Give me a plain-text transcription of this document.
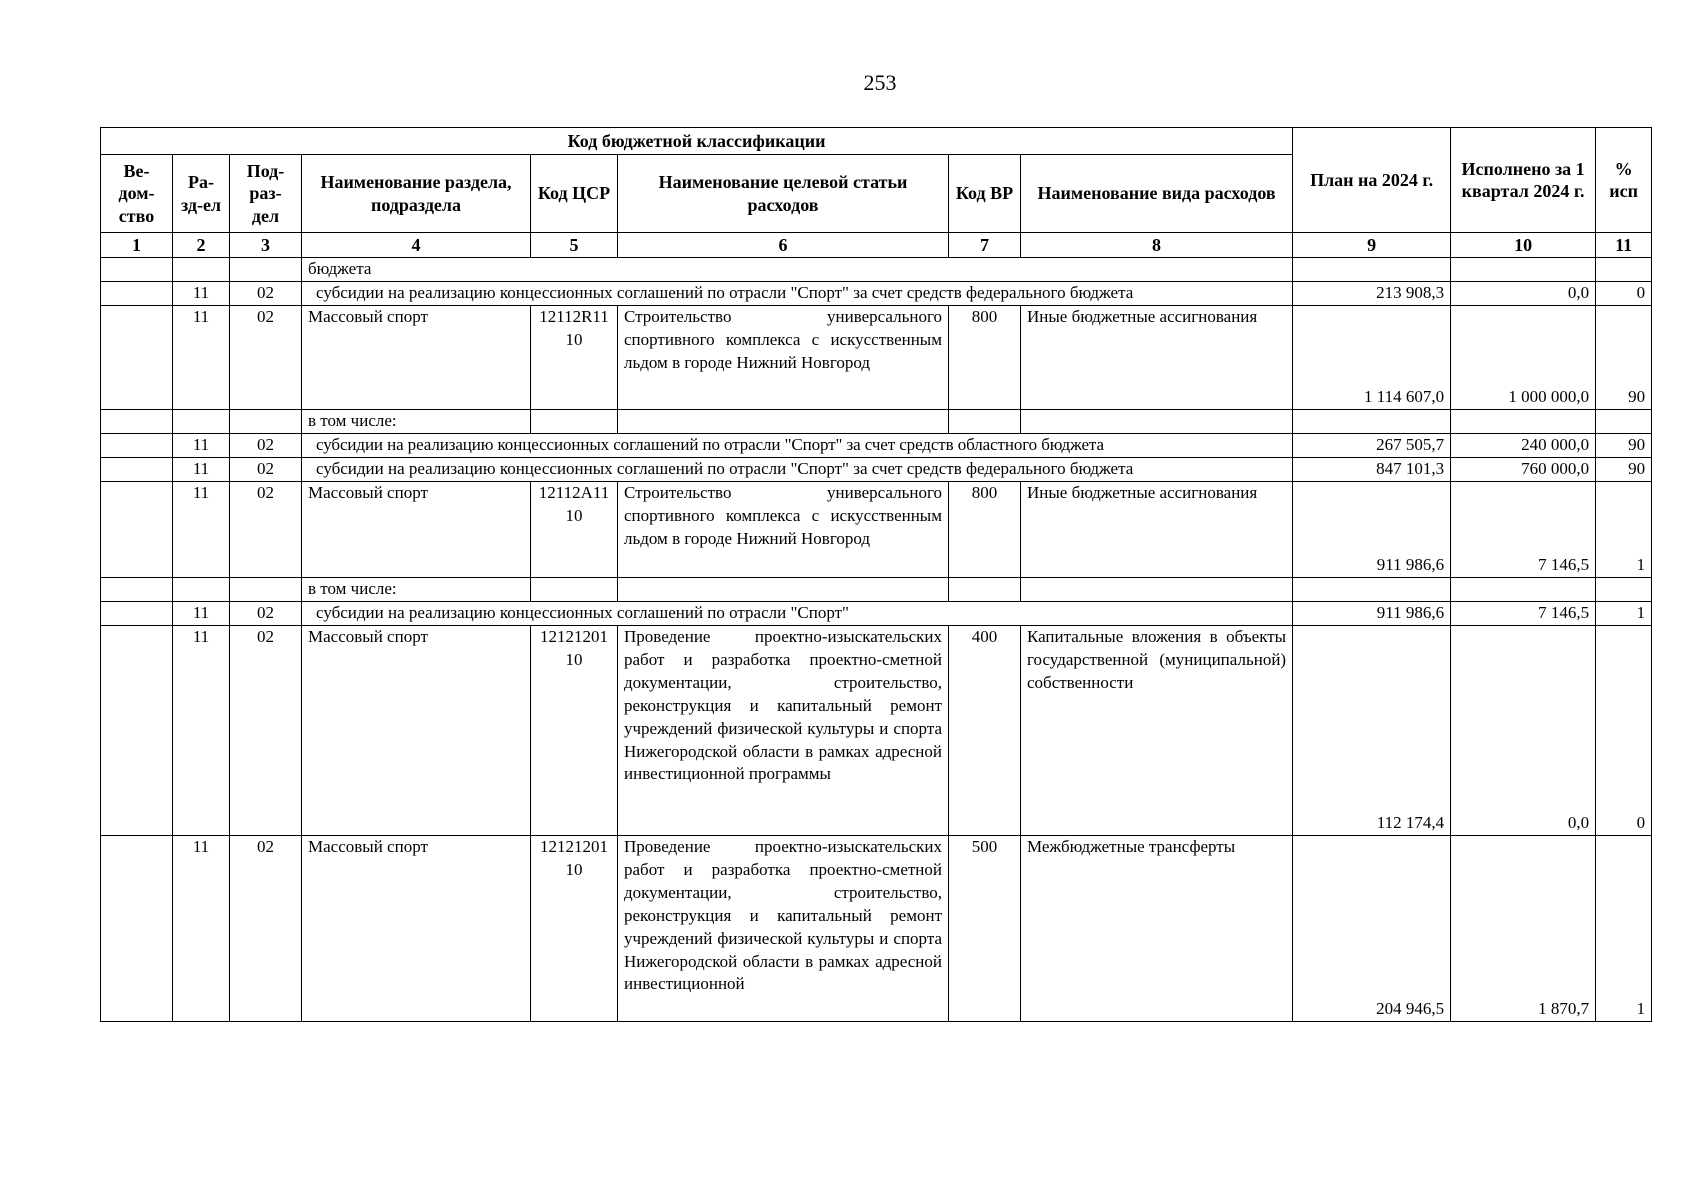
253
Код бюджетной классификации								План на 2024 г.	Исполнено за 1 квартал 2024 г.	% исп
Ве-дом-ство	Ра-зд-ел	Под-раз-дел	Наименование раздела, подраздела	Код ЦСР	Наименование целевой статьи расходов	Код ВР	Наименование вида расходов			
1	2	3	4	5	6	7	8	9	10	11
			бюджета							
	11	02	субсидии на реализацию концессионных соглашений по отрасли "Спорт" за счет средств федерального бюджета					213 908,3	0,0	0
	11	02	Массовый спорт	12112R1110	Строительство универсального спортивного комплекса с искусственным льдом в городе Нижний Новгород	800	Иные бюджетные ассигнования	1 114 607,0	1 000 000,0	90
			в том числе:							
	11	02	субсидии на реализацию концессионных соглашений по отрасли "Спорт" за счет средств областного бюджета					267 505,7	240 000,0	90
	11	02	субсидии на реализацию концессионных соглашений по отрасли "Спорт" за счет средств федерального бюджета					847 101,3	760 000,0	90
	11	02	Массовый спорт	12112А1110	Строительство универсального спортивного комплекса с искусственным льдом в городе Нижний Новгород	800	Иные бюджетные ассигнования	911 986,6	7 146,5	1
			в том числе:							
	11	02	субсидии на реализацию концессионных соглашений по отрасли "Спорт"					911 986,6	7 146,5	1
	11	02	Массовый спорт	1212120110	Проведение проектно-изыскательских работ и разработка проектно-сметной документации, строительство, реконструкция и капитальный ремонт учреждений физической культуры и спорта Нижегородской области в рамках адресной инвестиционной программы	400	Капитальные вложения в объекты государственной (муниципальной) собственности	112 174,4	0,0	0
	11	02	Массовый спорт	1212120110	Проведение проектно-изыскательских работ и разработка проектно-сметной документации, строительство, реконструкция и капитальный ремонт учреждений физической культуры и спорта Нижегородской области в рамках адресной инвестиционной	500	Межбюджетные трансферты	204 946,5	1 870,7	1
